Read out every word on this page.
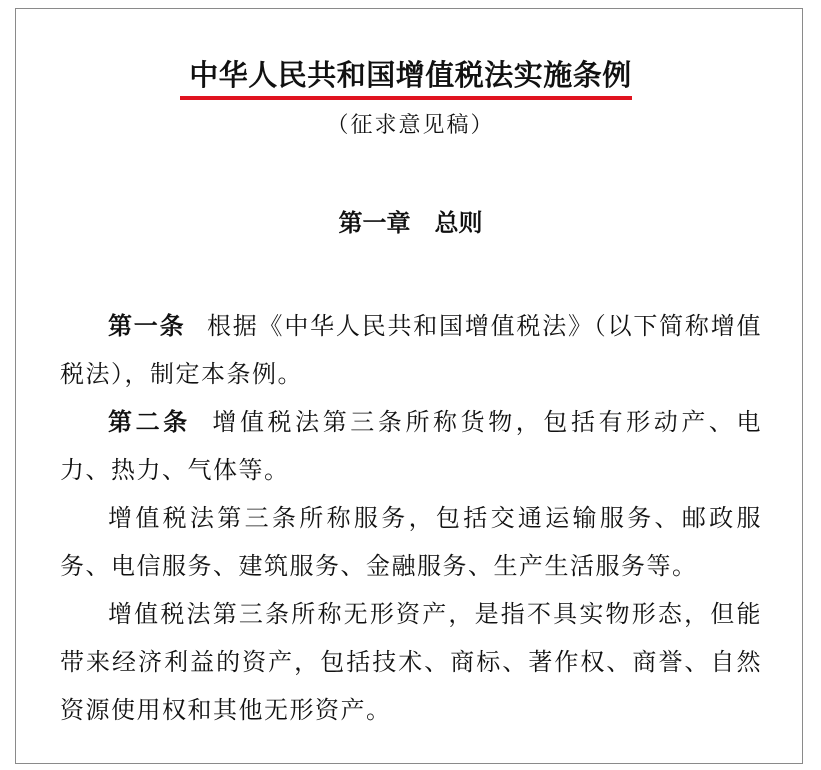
中华人民共和国增值税法实施条例
（征求意见稿）
第一章　总则

第一条 根据《中华人民共和国增值税法》（以下简称增值税法），制定本条例。

第二条 增值税法第三条所称货物，包括有形动产、电力、热力、气体等。

增值税法第三条所称服务，包括交通运输服务、邮政服务、电信服务、建筑服务、金融服务、生产生活服务等。

增值税法第三条所称无形资产，是指不具实物形态，但能带来经济利益的资产，包括技术、商标、著作权、商誉、自然资源使用权和其他无形资产。
